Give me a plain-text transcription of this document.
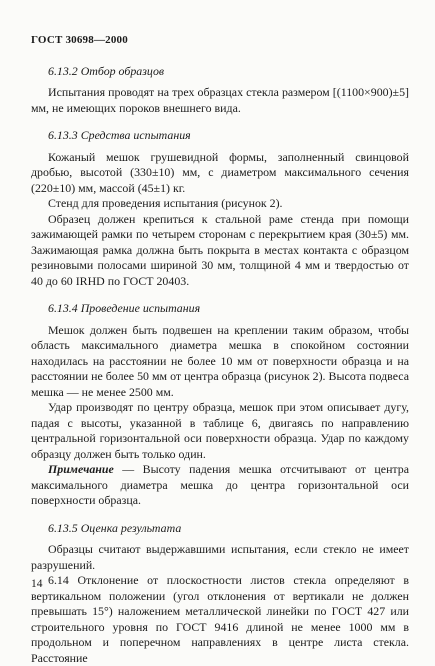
ГОСТ 30698—2000
6.13.2 Отбор образцов

Испытания проводят на трех образцах стекла размером [(1100×900)±5] мм, не имеющих пороков внешнего вида.

6.13.3 Средства испытания

Кожаный мешок грушевидной формы, заполненный свинцовой дробью, высотой (330±10) мм, с диаметром максимального сечения (220±10) мм, массой (45±1) кг.

Стенд для проведения испытания (рисунок 2).

Образец должен крепиться к стальной раме стенда при помощи зажимающей рамки по четырем сторонам с перекрытием края (30±5) мм. Зажимающая рамка должна быть покрыта в местах контакта с образцом резиновыми полосами шириной 30 мм, толщиной 4 мм и твердостью от 40 до 60 IRHD по ГОСТ 20403.

6.13.4 Проведение испытания

Мешок должен быть подвешен на креплении таким образом, чтобы область максимального диаметра мешка в спокойном состоянии находилась на расстоянии не более 10 мм от поверхности образца и на расстоянии не более 50 мм от центра образца (рисунок 2). Высота подвеса мешка — не менее 2500 мм.

Удар производят по центру образца, мешок при этом описывает дугу, падая с высоты, указанной в таблице 6, двигаясь по направлению центральной горизонтальной оси поверхности образца. Удар по каждому образцу должен быть только один.

Примечание — Высоту падения мешка отсчитывают от центра максимального диаметра мешка до центра горизонтальной оси поверхности образца.

6.13.5 Оценка результата

Образцы считают выдержавшими испытания, если стекло не имеет разрушений.

6.14 Отклонение от плоскостности листов стекла определяют в вертикальном положении (угол отклонения от вертикали не должен превышать 15°) наложением металлической линейки по ГОСТ 427 или строительного уровня по ГОСТ 9416 длиной не менее 1000 мм в продольном и поперечном направлениях в центре листа стекла. Расстояние

14
